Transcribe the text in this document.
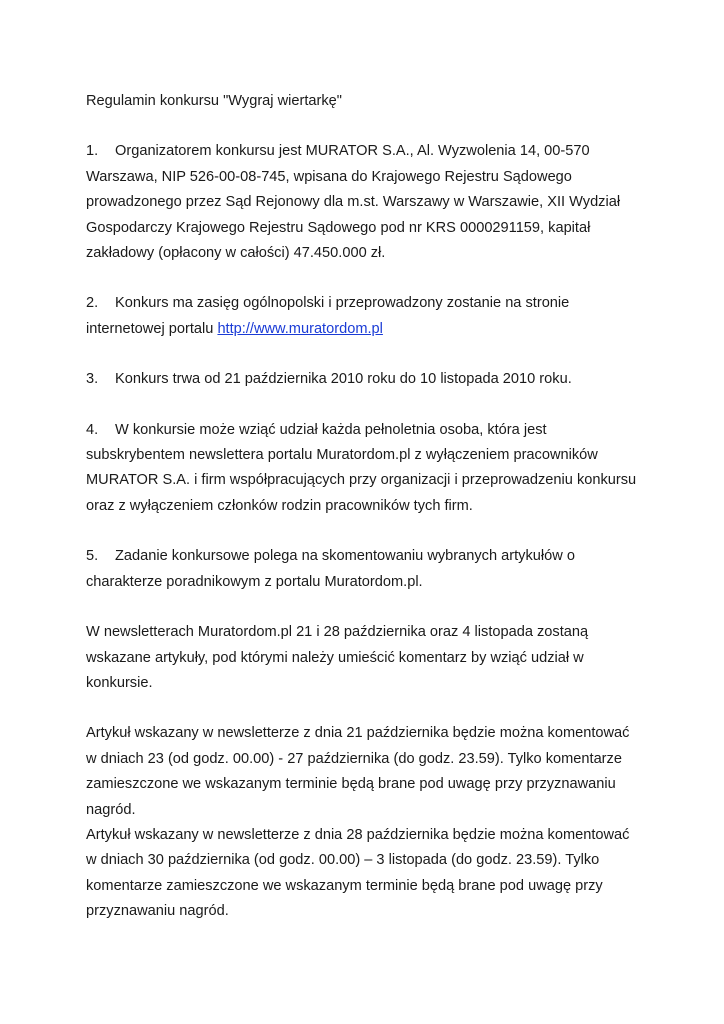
Regulamin konkursu "Wygraj wiertarkę"
1. Organizatorem konkursu jest MURATOR S.A., Al. Wyzwolenia 14, 00-570
Warszawa, NIP 526-00-08-745, wpisana do Krajowego Rejestru Sądowego
prowadzonego przez Sąd Rejonowy dla m.st. Warszawy w Warszawie, XII Wydział
Gospodarczy Krajowego Rejestru Sądowego pod nr KRS 0000291159, kapitał
zakładowy (opłacony w całości) 47.450.000 zł.
2. Konkurs ma zasięg ogólnopolski i przeprowadzony zostanie na stronie
internetowej portalu http://www.muratordom.pl
3. Konkurs trwa od 21 października 2010 roku do 10 listopada 2010 roku.
4. W konkursie może wziąć udział każda pełnoletnia osoba, która jest
subskrybentem newslettera portalu Muratordom.pl z wyłączeniem pracowników
MURATOR S.A. i firm współpracujących przy organizacji i przeprowadzeniu konkursu
oraz z wyłączeniem członków rodzin pracowników tych firm.
5. Zadanie konkursowe polega na skomentowaniu wybranych artykułów o
charakterze poradnikowym z portalu Muratordom.pl.
W newsletterach Muratordom.pl 21 i 28 października oraz 4 listopada zostaną
wskazane artykuły, pod którymi należy umieścić komentarz by wziąć udział w
konkursie.
Artykuł wskazany w newsletterze z dnia 21 października będzie można komentować
w dniach 23 (od godz. 00.00) - 27 października (do godz. 23.59). Tylko komentarze
zamieszczone we wskazanym terminie będą brane pod uwagę przy przyznawaniu
nagród.
Artykuł wskazany w newsletterze z dnia 28 października będzie można komentować
w dniach 30 października (od godz. 00.00) – 3 listopada (do godz. 23.59). Tylko
komentarze zamieszczone we wskazanym terminie będą brane pod uwagę przy
przyznawaniu nagród.
